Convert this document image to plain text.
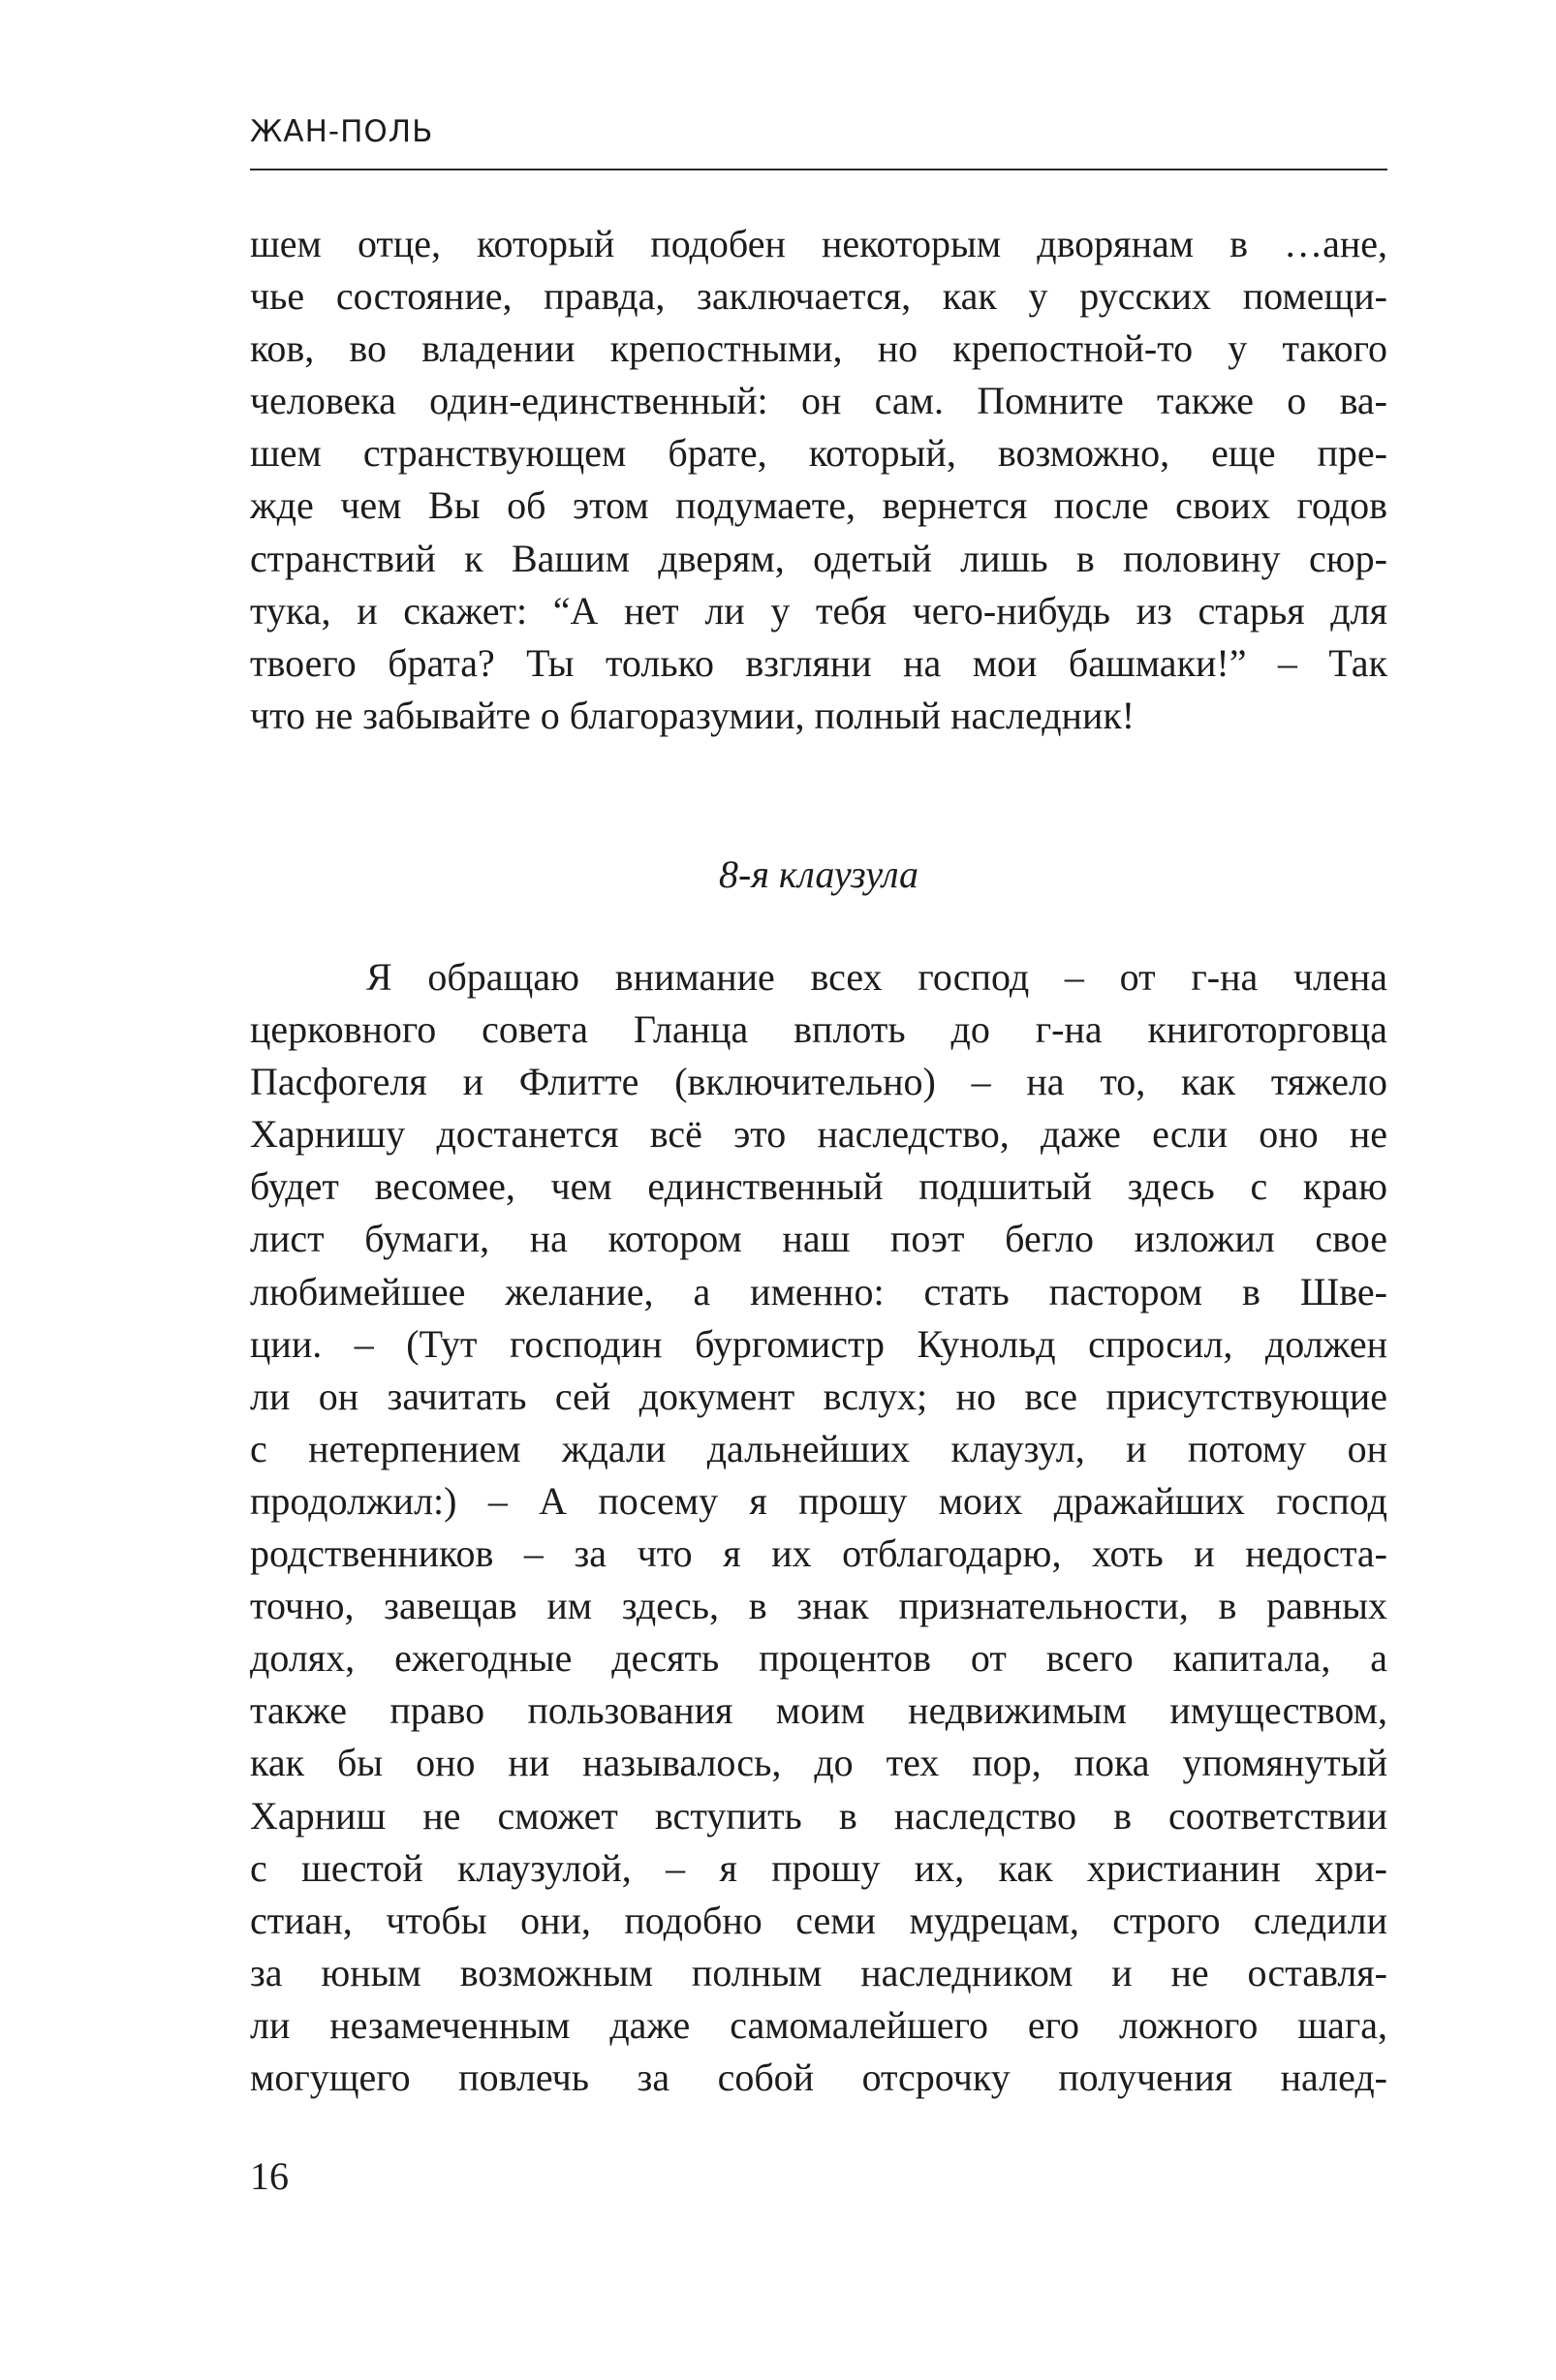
ЖАН-ПОЛЬ
шем отце, который подобен некоторым дворянам в …ане,
чье состояние, правда, заключается, как у русских помещи-
ков, во владении крепостными, но крепостной-то у такого
человека один-единственный: он сам. Помните также о ва-
шем странствующем брате, который, возможно, еще пре-
жде чем Вы об этом подумаете, вернется после своих годов
странствий к Вашим дверям, одетый лишь в половину сюр-
тука, и скажет: “А нет ли у тебя чего-нибудь из старья для
твоего брата? Ты только взгляни на мои башмаки!” – Так
что не забывайте о благоразумии, полный наследник!
8-я клаузула
Я обращаю внимание всех господ – от г-на члена
церковного совета Гланца вплоть до г-на книготорговца
Пасфогеля и Флитте (включительно) – на то, как тяжело
Харнишу достанется всё это наследство, даже если оно не
будет весомее, чем единственный подшитый здесь с краю
лист бумаги, на котором наш поэт бегло изложил свое
любимейшее желание, а именно: стать пастором в Шве-
ции. – (Тут господин бургомистр Кунольд спросил, должен
ли он зачитать сей документ вслух; но все присутствующие
с нетерпением ждали дальнейших клаузул, и потому он
продолжил:) – А посему я прошу моих дражайших господ
родственников – за что я их отблагодарю, хоть и недоста-
точно, завещав им здесь, в знак признательности, в равных
долях, ежегодные десять процентов от всего капитала, а
также право пользования моим недвижимым имуществом,
как бы оно ни называлось, до тех пор, пока упомянутый
Харниш не сможет вступить в наследство в соответствии
с шестой клаузулой, – я прошу их, как христианин хри-
стиан, чтобы они, подобно семи мудрецам, строго следили
за юным возможным полным наследником и не оставля-
ли незамеченным даже самомалейшего его ложного шага,
могущего повлечь за собой отсрочку получения налед-
16
